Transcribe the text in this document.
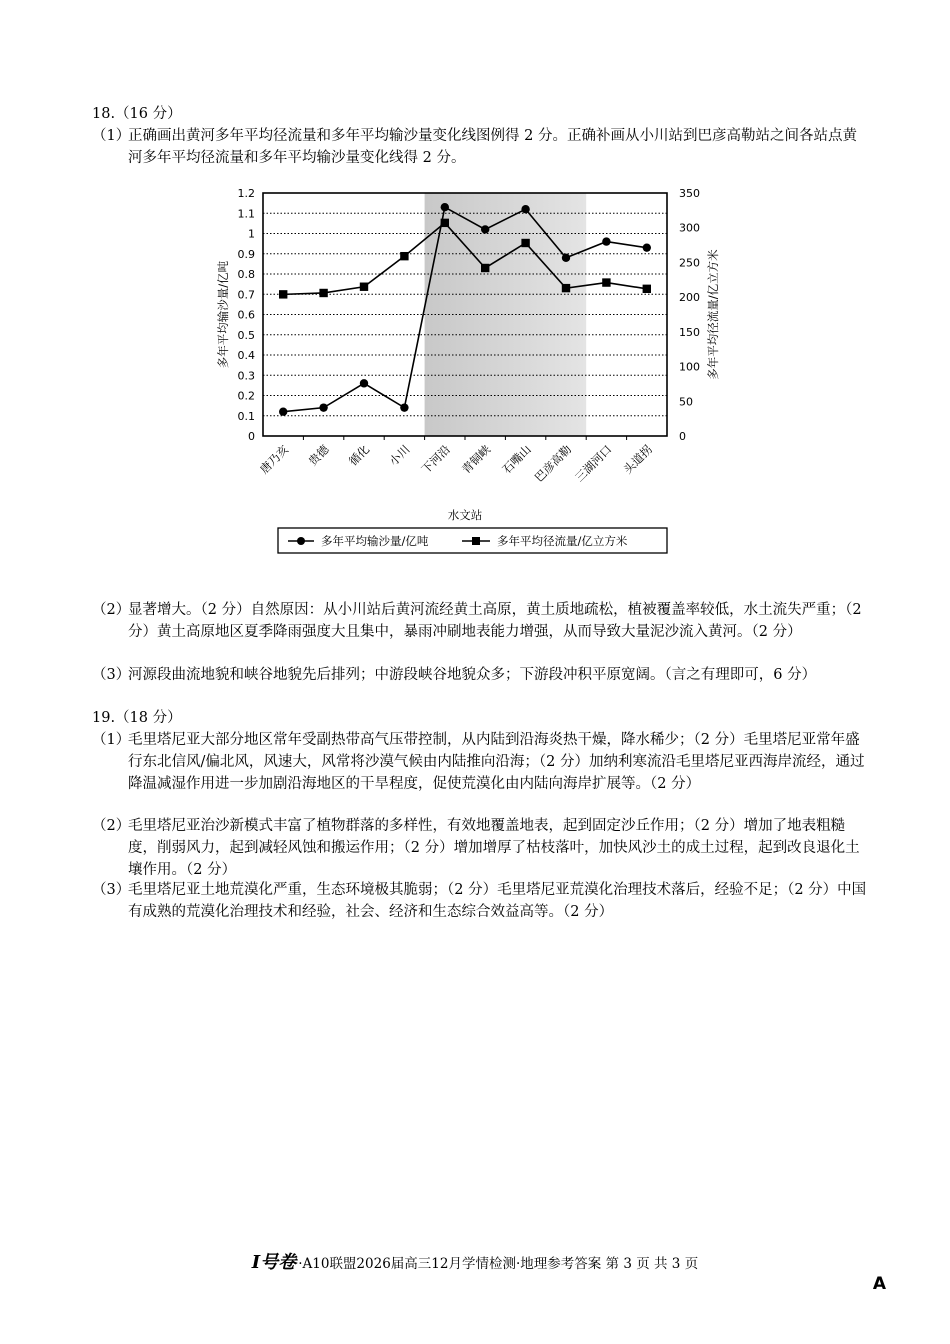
18.（16 分）
（1）
正确画出黄河多年平均径流量和多年平均输沙量变化线图例得 2 分。正确补画从小川站到巴彦高勒站之间各站点黄河多年平均径流量和多年平均输沙量变化线得 2 分。
0
0.1
0.2
0.3
0.4
0.5
0.6
0.7
0.8
0.9
1
1.1
1.2
0
50
100
150
200
250
300
350
唐乃亥 贵德 循化 小川 下河沿 青铜峡 石嘴山
巴彦高勒
三湖河口 头道拐
多年平均输沙量/亿吨	多年平均径流量/亿立方米
水文站
多年平均输沙量/亿吨	多年平均径流量/亿立方米
（2）
显著增大。（2 分）自然原因：从小川站后黄河流经黄土高原，黄土质地疏松，植被覆盖率较低，水土流失严重；（2 分）黄土高原地区夏季降雨强度大且集中，暴雨冲刷地表能力增强，从而导致大量泥沙流入黄河。（2 分）
（3）
河源段曲流地貌和峡谷地貌先后排列；中游段峡谷地貌众多；下游段冲积平原宽阔。（言之有理即可，6 分）
19.（18 分）
（1）
毛里塔尼亚大部分地区常年受副热带高气压带控制，从内陆到沿海炎热干燥，降水稀少；（2 分）毛里塔尼亚常年盛行东北信风/偏北风，风速大，风常将沙漠气候由内陆推向沿海；（2 分）加纳利寒流沿毛里塔尼亚西海岸流经，通过降温减湿作用进一步加剧沿海地区的干旱程度，促使荒漠化由内陆向海岸扩展等。（2 分）
（2）
毛里塔尼亚治沙新模式丰富了植物群落的多样性，有效地覆盖地表，起到固定沙丘作用；（2 分）增加了地表粗糙度，削弱风力，起到减轻风蚀和搬运作用；（2 分）增加增厚了枯枝落叶，加快风沙土的成土过程，起到改良退化土壤作用。（2 分）
（3）
毛里塔尼亚土地荒漠化严重，生态环境极其脆弱；（2 分）毛里塔尼亚荒漠化治理技术落后，经验不足；（2 分）中国有成熟的荒漠化治理技术和经验，社会、经济和生态综合效益高等。（2 分）
I号卷 ·A10联盟2026届高三12月学情检测·地理参考答案 第 3 页 共 3 页
A
